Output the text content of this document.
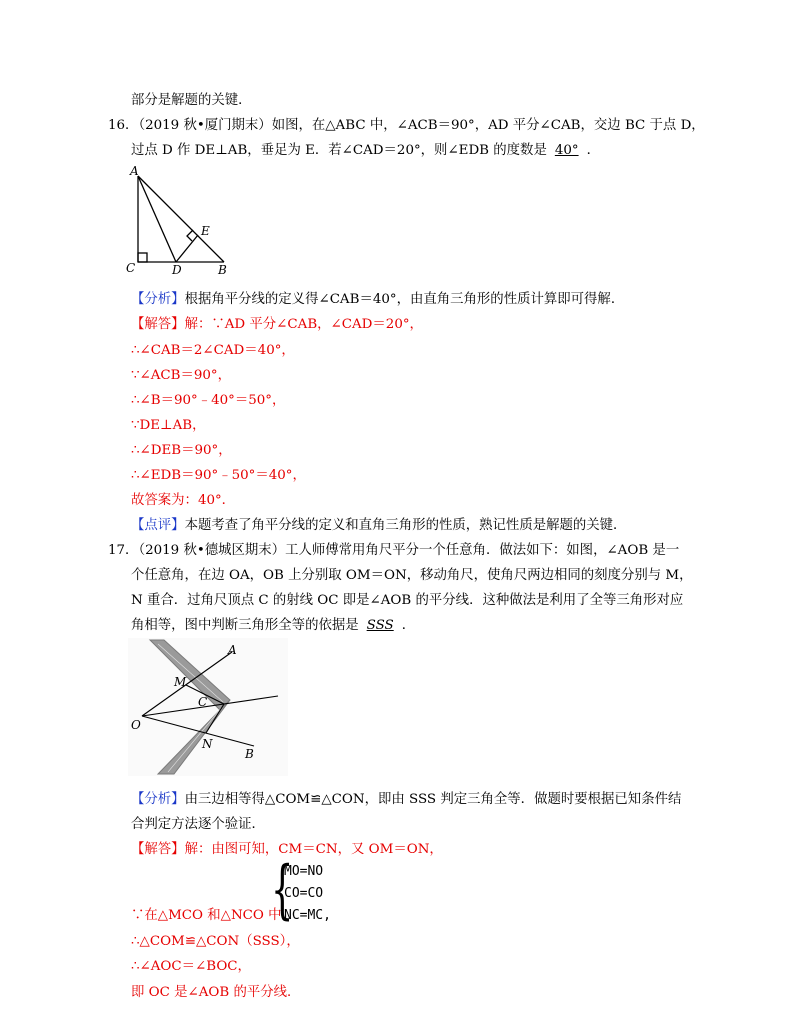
部分是解题的关键．
16．（2019 秋•厦门期末）如图，在△ABC 中，∠ACB＝90°，AD 平分∠CAB，交边 BC 于点 D，
过点 D 作 DE⊥AB，垂足为 E．若∠CAD＝20°，则∠EDB 的度数是 40° ．
A
C	D	B
E
【分析】根据角平分线的定义得∠CAB＝40°，由直角三角形的性质计算即可得解．
【解答】解：∵AD 平分∠CAB，∠CAD＝20°，
∴∠CAB＝2∠CAD＝40°，
∵∠ACB＝90°，
∴∠B＝90°﹣40°＝50°，
∵DE⊥AB，
∴∠DEB＝90°，
∴∠EDB＝90°﹣50°＝40°，
故答案为：40°．
【点评】本题考查了角平分线的定义和直角三角形的性质，熟记性质是解题的关键．
17．（2019 秋•德城区期末）工人师傅常用角尺平分一个任意角．做法如下：如图，∠AOB 是一
个任意角，在边 OA，OB 上分别取 OM＝ON，移动角尺，使角尺两边相同的刻度分别与 M，
N 重合．过角尺顶点 C 的射线 OC 即是∠AOB 的平分线．这种做法是利用了全等三角形对应
角相等，图中判断三角形全等的依据是 SSS ．
A
M
C
O
N
B
【分析】由三边相等得△COM≌△CON，即由 SSS 判定三角全等．做题时要根据已知条件结
合判定方法逐个验证．
【解答】解：由图可知，CM＝CN，又 OM＝ON，
{
MO=NO
CO=CO
NC=MC,
∵在△MCO 和△NCO 中
∴△COM≌△CON（SSS），
∴∠AOC＝∠BOC，
即 OC 是∠AOB 的平分线．
